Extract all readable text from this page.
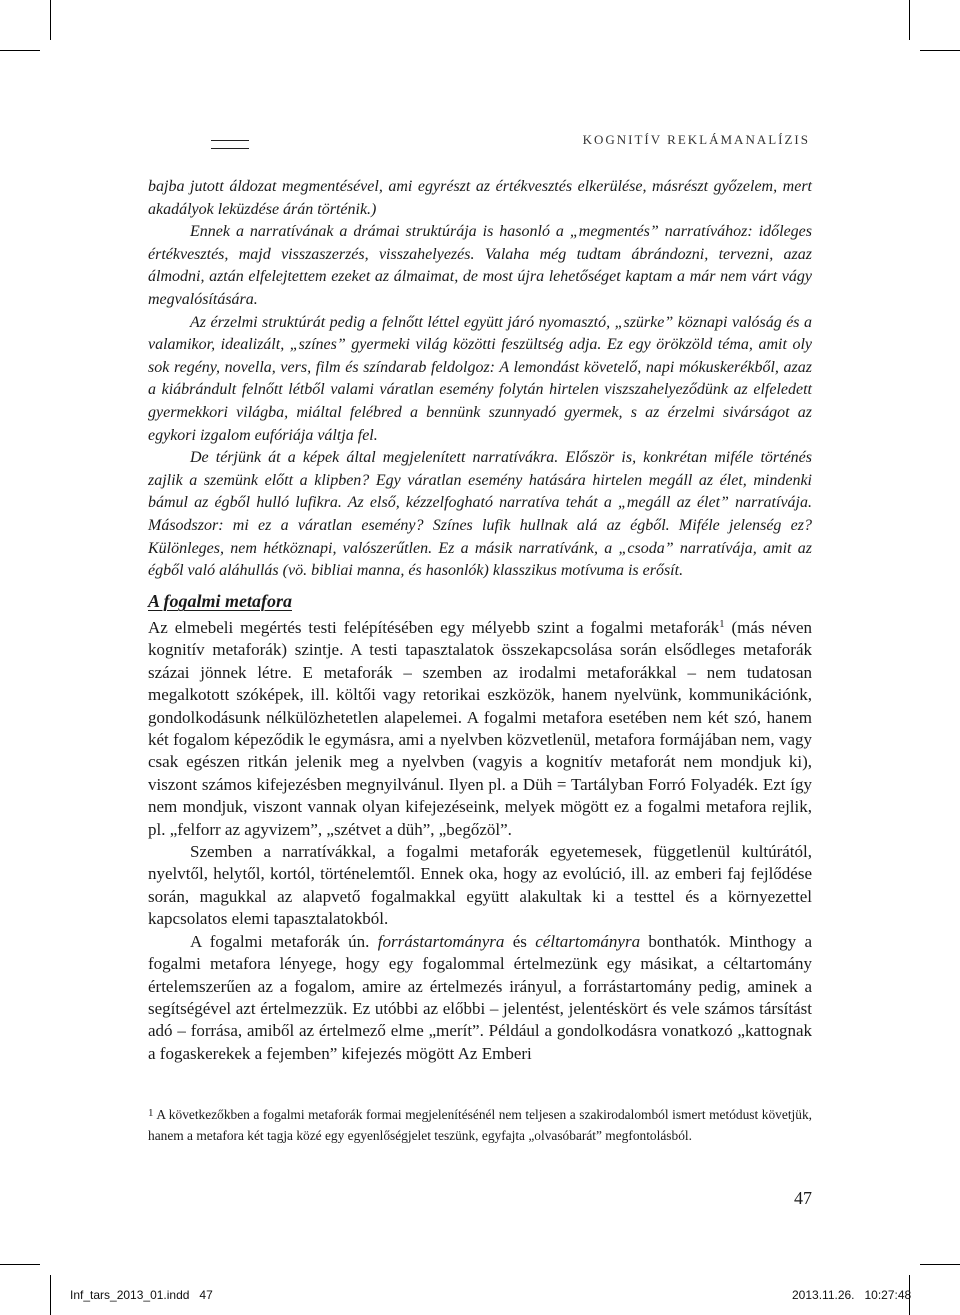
KOGNITÍV REKLÁMANALÍZIS

bajba jutott áldozat megmentésével, ami egyrészt az értékvesztés elkerülése, másrészt győzelem, mert akadályok leküzdése árán történik.)

Ennek a narratívának a drámai struktúrája is hasonló a „megmentés” narratívához: időleges értékvesztés, majd visszaszerzés, visszahelyezés. Valaha még tudtam ábrándozni, tervezni, azaz álmodni, aztán elfelejtettem ezeket az álmaimat, de most újra lehetőséget kaptam a már nem várt vágy megvalósítására.

Az érzelmi struktúrát pedig a felnőtt léttel együtt járó nyomasztó, „szürke” köznapi valóság és a valamikor, idealizált, „színes” gyermeki világ közötti feszültség adja. Ez egy örökzöld téma, amit oly sok regény, novella, vers, film és színdarab feldolgoz: A lemondást követelő, napi mókuskerékből, azaz a kiábrándult felnőtt létből valami váratlan esemény folytán hirtelen viszszahelyeződünk az elfeledett gyermekkori világba, miáltal felébred a bennünk szunnyadó gyermek, s az érzelmi sivárságot az egykori izgalom eufóriája váltja fel.

De térjünk át a képek által megjelenített narratívákra. Először is, konkrétan miféle történés zajlik a szemünk előtt a klipben? Egy váratlan esemény hatására hirtelen megáll az élet, mindenki bámul az égből hulló lufikra. Az első, kézzelfogható narratíva tehát a „megáll az élet” narratívája. Másodszor: mi ez a váratlan esemény? Színes lufik hullnak alá az égből. Miféle jelenség ez? Különleges, nem hétköznapi, valószerűtlen. Ez a másik narratívánk, a „csoda” narratívája, amit az égből való aláhullás (vö. bibliai manna, és hasonlók) klasszikus motívuma is erősít.

A fogalmi metafora

Az elmebeli megértés testi felépítésében egy mélyebb szint a fogalmi metaforák$^1$ (más néven kognitív metaforák) szintje. A testi tapasztalatok összekapcsolása során elsődleges metaforák százai jönnek létre. E metaforák – szemben az irodalmi metaforákkal – nem tudatosan megalkotott szóképek, ill. költői vagy retorikai eszközök, hanem nyelvünk, kommunikációnk, gondolkodásunk nélkülözhetetlen alapelemei. A fogalmi metafora esetében nem két szó, hanem két fogalom képeződik le egymásra, ami a nyelvben közvetlenül, metafora formájában nem, vagy csak egészen ritkán jelenik meg a nyelvben (vagyis a kognitív metaforát nem mondjuk ki), viszont számos kifejezésben megnyilvánul. Ilyen pl. a Düh = Tartályban Forró Folyadék. Ezt így nem mondjuk, viszont vannak olyan kifejezéseink, melyek mögött ez a fogalmi metafora rejlik, pl. „felforr az agyvizem”, „szétvet a düh”, „begőzöl”.

Szemben a narratívákkal, a fogalmi metaforák egyetemesek, függetlenül kultúrától, nyelvtől, helytől, kortól, történelemtől. Ennek oka, hogy az evolúció, ill. az emberi faj fejlődése során, magukkal az alapvető fogalmakkal együtt alakultak ki a testtel és a környezettel kapcsolatos elemi tapasztalatokból.

A fogalmi metaforák ún. forrástartományra és céltartományra bonthatók. Minthogy a fogalmi metafora lényege, hogy egy fogalommal értelmezünk egy másikat, a céltartomány értelemszerűen az a fogalom, amire az értelmezés irányul, a forrástartomány pedig, aminek a segítségével azt értelmezzük. Ez utóbbi az előbbi – jelentést, jelentéskört és vele számos társítást adó – forrása, amiből az értelmező elme „merít”. Például a gondolkodásra vonatkozó „kattognak a fogaskerekek a fejemben” kifejezés mögött Az Emberi

$^1$ A következőkben a fogalmi metaforák formai megjelenítésénél nem teljesen a szakirodalomból ismert metódust követjük, hanem a metafora két tagja közé egy egyenlőségjelet teszünk, egyfajta „olvasóbarát” megfontolásból.

47
Inf_tars_2013_01.indd   47	2013.11.26.   10:27:48
